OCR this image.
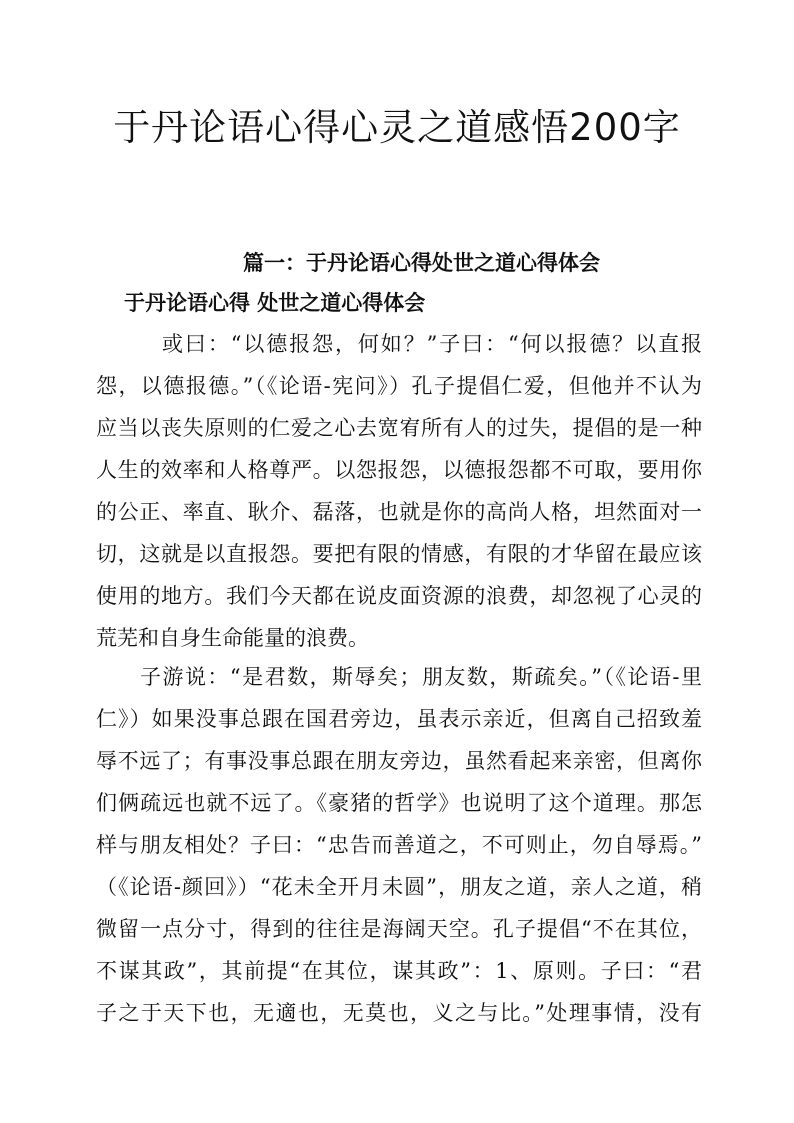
于丹论语心得心灵之道感悟200字
篇一：于丹论语心得处世之道心得体会
于丹论语心得 处世之道心得体会
或曰：“以德报怨，何如？”子曰：“何以报德？以直报
怨，以德报德。”（《论语-宪问》）孔子提倡仁爱，但他并不认为
应当以丧失原则的仁爱之心去宽宥所有人的过失，提倡的是一种
人生的效率和人格尊严。以怨报怨，以德报怨都不可取，要用你
的公正、率直、耿介、磊落，也就是你的高尚人格，坦然面对一
切，这就是以直报怨。要把有限的情感，有限的才华留在最应该
使用的地方。我们今天都在说皮面资源的浪费，却忽视了心灵的
荒芜和自身生命能量的浪费。
子游说：“是君数，斯辱矣；朋友数，斯疏矣。”（《论语-里
仁》）如果没事总跟在国君旁边，虽表示亲近，但离自己招致羞
辱不远了；有事没事总跟在朋友旁边，虽然看起来亲密，但离你
们俩疏远也就不远了。《豪猪的哲学》也说明了这个道理。那怎
样与朋友相处？子曰：“忠告而善道之，不可则止，勿自辱焉。”
（《论语-颜回》）“花未全开月未圆”，朋友之道，亲人之道，稍
微留一点分寸，得到的往往是海阔天空。孔子提倡“不在其位，
不谋其政”，其前提“在其位，谋其政”：1、原则。子曰：“君
子之于天下也，无適也，无莫也，义之与比。”处理事情，没有
